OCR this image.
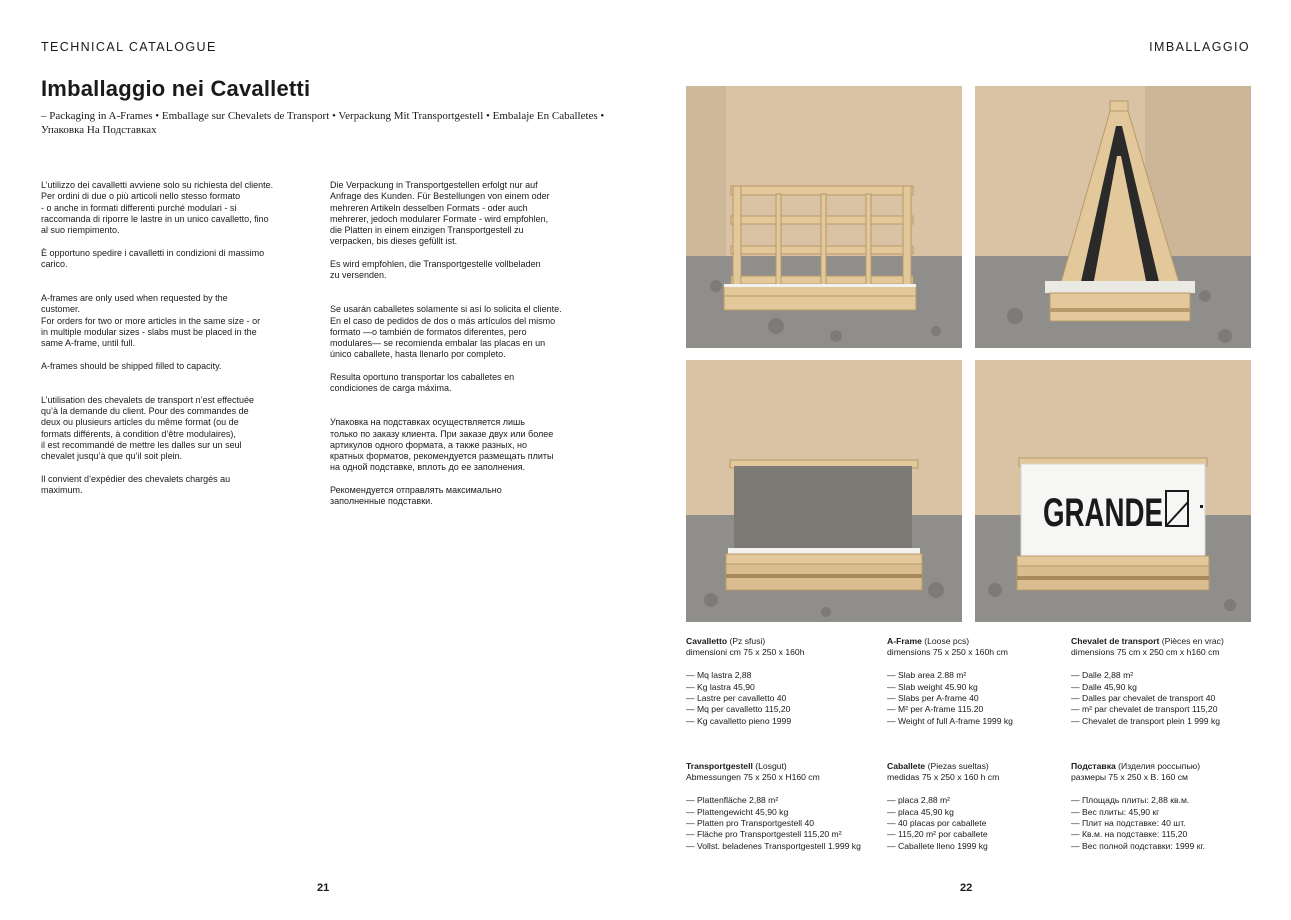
TECHNICAL CATALOGUE	IMBALLAGGIO
Imballaggio nei Cavalletti
– Packaging in A-Frames • Emballage sur Chevalets de Transport • Verpackung Mit Transportgestell • Embalaje En Caballetes • Упаковка На Подставках

L’utilizzo dei cavalletti avviene solo su richiesta del cliente.
Per ordini di due o più articoli nello stesso formato
- o anche in formati differenti purché modulari - si
raccomanda di riporre le lastre in un unico cavalletto, fino
al suo riempimento.

È opportuno spedire i cavalletti in condizioni di massimo
carico.

A-frames are only used when requested by the
customer.
For orders for two or more articles in the same size - or
in multiple modular sizes - slabs must be placed in the
same A-frame, until full.

A-frames should be shipped filled to capacity.

L’utilisation des chevalets de transport n’est effectuée
qu’à la demande du client. Pour des commandes de
deux ou plusieurs articles du même format (ou de
formats différents, à condition d’être modulaires),
il est recommandé de mettre les dalles sur un seul
chevalet jusqu’à que qu’il soit plein.

Il convient d’expédier des chevalets chargés au
maximum.

Die Verpackung in Transportgestellen erfolgt nur auf
Anfrage des Kunden. Für Bestellungen von einem oder
mehreren Artikeln desselben Formats - oder auch
mehrerer, jedoch modularer Formate - wird empfohlen,
die Platten in einem einzigen Transportgestell zu
verpacken, bis dieses gefüllt ist.

Es wird empfohlen, die Transportgestelle vollbeladen
zu versenden.

Se usarán caballetes solamente si así lo solicita el cliente.
En el caso de pedidos de dos o más artículos del mismo
formato —o también de formatos diferentes, pero
modulares— se recomienda embalar las placas en un
único caballete, hasta llenarlo por completo.

Resulta oportuno transportar los caballetes en
condiciones de carga máxima.

Упаковка на подставках осуществляется лишь
только по заказу клиента. При заказе двух или более
артикулов одного формата, а также разных, но
кратных форматов, рекомендуется размещать плиты
на одной подставке, вплоть до ее заполнения.

Рекомендуется отправлять максимально
заполненные подставки.	GRANDE

Cavalletto (Pz sfusi)

dimensioni cm 75 x 250 x 160h

— Mq lastra 2,88
— Kg lastra 45,90
— Lastre per cavalletto 40
— Mq per cavalletto 115,20
— Kg cavalletto pieno 1999

A-Frame (Loose pcs)

dimensions 75 x 250 x 160h cm

— Slab area 2.88 m²
— Slab weight 45.90 kg
— Slabs per A-frame 40
— M² per A-frame 115.20
— Weight of full A-frame 1999 kg

Chevalet de transport (Pièces en vrac)

dimensions 75 cm x 250 cm x h160 cm

— Dalle 2,88 m²
— Dalle 45,90 kg
— Dalles par chevalet de transport 40
— m² par chevalet de transport 115,20
— Chevalet de transport plein 1 999 kg

Transportgestell (Losgut)

Abmessungen 75 x 250 x H160 cm

— Plattenfläche 2,88 m²
— Plattengewicht 45,90 kg
— Platten pro Transportgestell 40
— Fläche pro Transportgestell 115,20 m²
— Vollst. beladenes Transportgestell 1.999 kg

Caballete (Piezas sueltas)

medidas 75 x 250 x 160 h cm

— placa 2,88 m²
— placa 45,90 kg
— 40 placas por caballete
— 115,20 m² por caballete
— Caballete lleno 1999 kg

Подставка (Изделия россыпью)

размеры 75 x 250 x В. 160 см

— Площадь плиты: 2,88 кв.м.
— Вес плиты: 45,90 кг
— Плит на подставке: 40 шт.
— Кв.м. на подставке: 115,20
— Вес полной подставки: 1999 кг.

21	22
